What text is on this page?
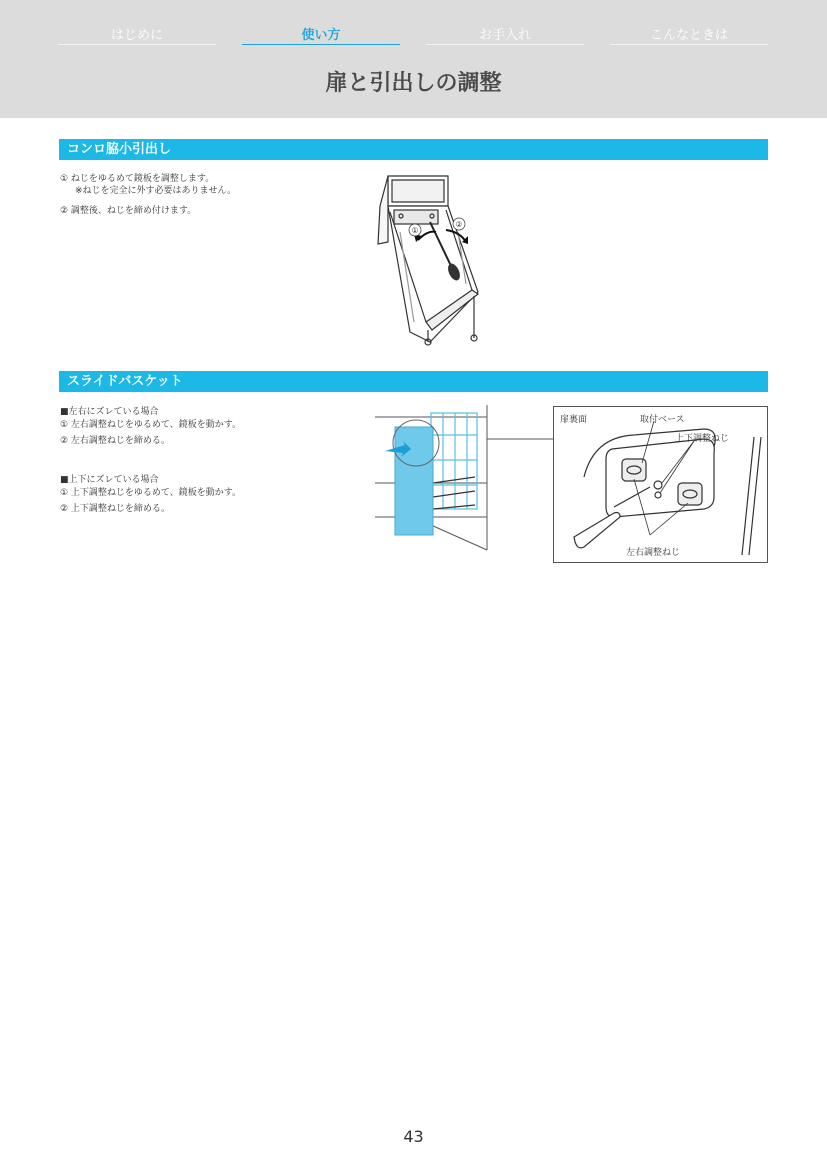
はじめに	使い方	お手入れ	こんなときは
扉と引出しの調整
コンロ脇小引出し
① ねじをゆるめて鏡板を調整します。
※ねじを完全に外す必要はありません。
② 調整後、ねじを締め付けます。
①
②
スライドバスケット
■左右にズレている場合
① 左右調整ねじをゆるめて、鏡板を動かす。
② 左右調整ねじを締める。
■上下にズレている場合
① 上下調整ねじをゆるめて、鏡板を動かす。
② 上下調整ねじを締める。
扉裏面	取付ベース
上下調整ねじ
左右調整ねじ
43
